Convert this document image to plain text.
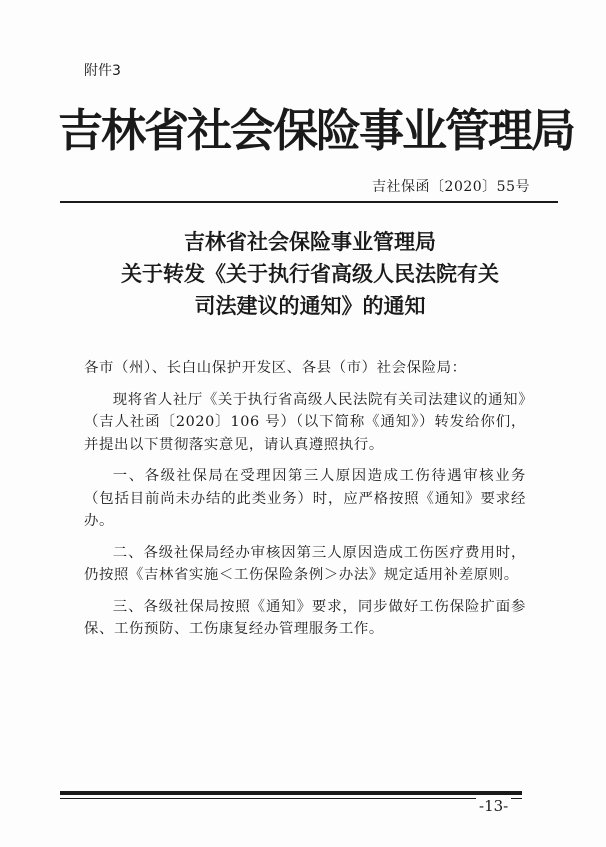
附件3
吉林省社会保险事业管理局
吉社保函〔2020〕55号
吉林省社会保险事业管理局
关于转发《关于执行省高级人民法院有关
司法建议的通知》的通知

各市（州）、长白山保护开发区、各县（市）社会保险局：

现将省人社厅《关于执行省高级人民法院有关司法建议的通知》（吉人社函〔2020〕106 号）（以下简称《通知》）转发给你们，并提出以下贯彻落实意见，请认真遵照执行。

一、各级社保局在受理因第三人原因造成工伤待遇审核业务（包括目前尚未办结的此类业务）时，应严格按照《通知》要求经办。

二、各级社保局经办审核因第三人原因造成工伤医疗费用时，仍按照《吉林省实施＜工伤保险条例＞办法》规定适用补差原则。

三、各级社保局按照《通知》要求，同步做好工伤保险扩面参保、工伤预防、工伤康复经办管理服务工作。

-13-
